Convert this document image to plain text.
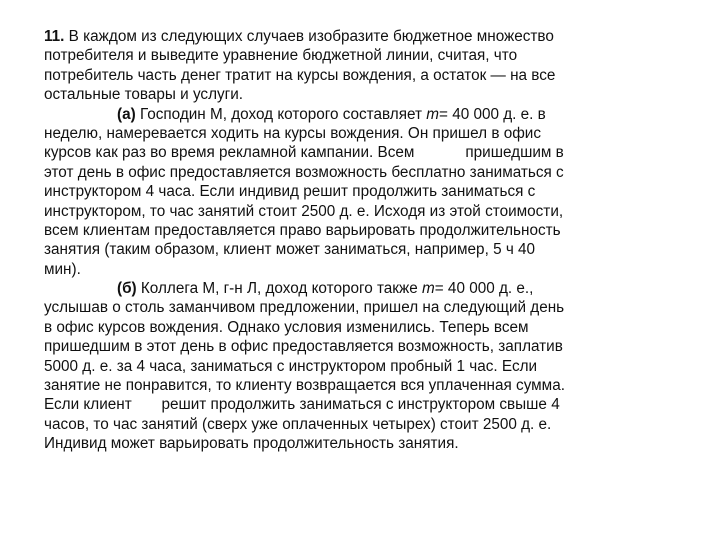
11. В каждом из следующих случаев изобразите бюджетное множество
потребителя и выведите уравнение бюджетной линии, считая, что
потребитель часть денег тратит на курсы вождения, а остаток — на все
остальные товары и услуги.
(а) Господин М, доход которого составляет m= 40 000 д. е. в
неделю, намеревается ходить на курсы вождения. Он пришел в офис
курсов как раз во время рекламной кампании. Всем            пришедшим в
этот день в офис предоставляется возможность бесплатно заниматься с
инструктором 4 часа. Если индивид решит продолжить заниматься с
инструктором, то час занятий стоит 2500 д. е. Исходя из этой стоимости,
всем клиентам предоставляется право варьировать продолжительность
занятия (таким образом, клиент может заниматься, например, 5 ч 40
мин).
(б) Коллега М, г-н Л, доход которого также m= 40 000 д. е.,
услышав о столь заманчивом предложении, пришел на следующий день
в офис курсов вождения. Однако условия изменились. Теперь всем
пришедшим в этот день в офис предоставляется возможность, заплатив
5000 д. е. за 4 часа, заниматься с инструктором пробный 1 час. Если
занятие не понравится, то клиенту возвращается вся уплаченная сумма.
Если клиент       решит продолжить заниматься с инструктором свыше 4
часов, то час занятий (сверх уже оплаченных четырех) стоит 2500 д. е.
Индивид может варьировать продолжительность занятия.
